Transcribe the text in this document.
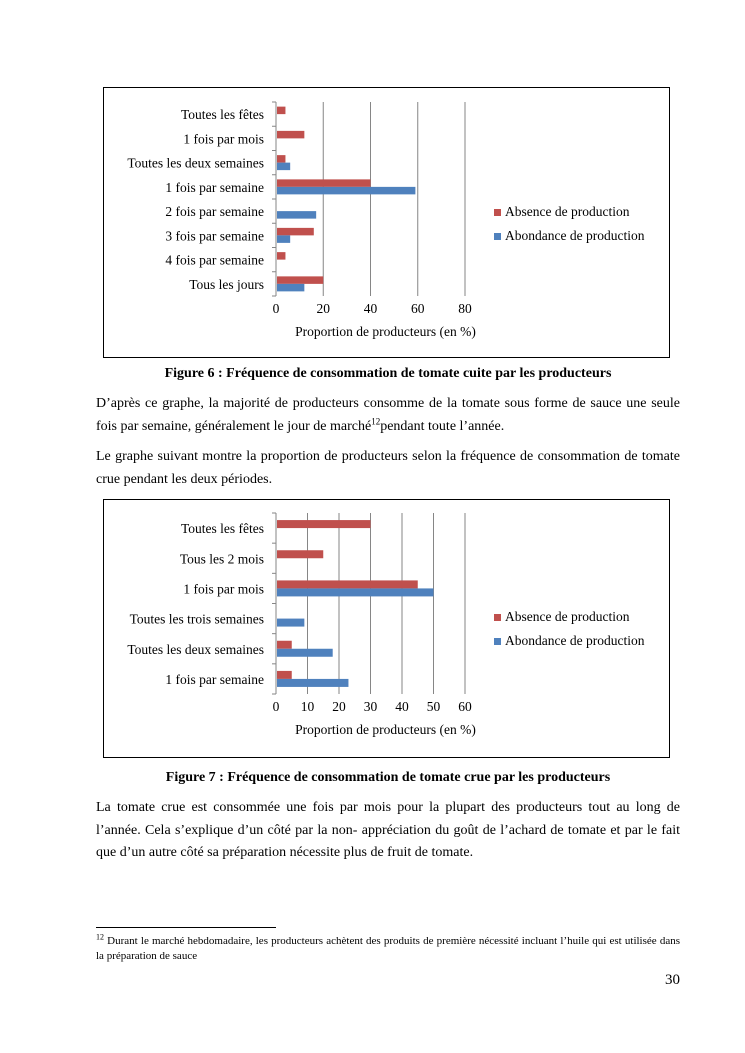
0	20	40	60	80
Tous les jours
4 fois par semaine
3 fois par semaine
2 fois par semaine
1 fois par semaine
Toutes les deux semaines
1 fois par mois
Toutes les fêtes
Proportion de producteurs (en %)
Absence de production
Abondance de production
Figure 6 : Fréquence de consommation de tomate cuite par les producteurs

D’après ce graphe, la majorité de producteurs consomme de la tomate sous forme de sauce une seule fois par semaine, généralement le jour de marché$^{12}$pendant toute l’année.

Le graphe suivant montre la proportion de producteurs selon la fréquence de consommation de tomate crue pendant les deux périodes.

0 10 20 30 40 50 60
1 fois par semaine
Toutes les deux semaines
Toutes les trois semaines
1 fois par mois
Tous les 2 mois
Toutes les fêtes
Proportion de producteurs (en %)
Absence de production
Abondance de production
Figure 7 : Fréquence de consommation de tomate crue par les producteurs

La tomate crue est consommée une fois par mois pour la plupart des producteurs tout au long de l’année. Cela s’explique d’un côté par la non- appréciation du goût de l’achard de tomate et par le fait que d’un autre côté sa préparation nécessite plus de fruit de tomate.

$^{12}$ Durant le marché hebdomadaire, les producteurs achètent des produits de première nécessité incluant l’huile qui est utilisée dans la préparation de sauce
30
